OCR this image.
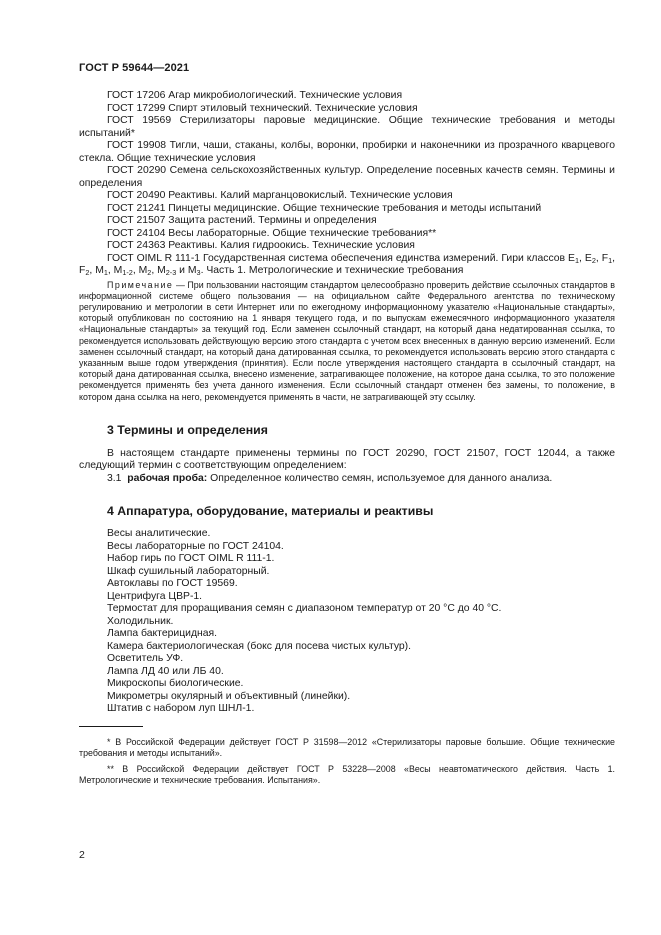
ГОСТ Р 59644—2021

ГОСТ 17206 Агар микробиологический. Технические условия

ГОСТ 17299 Спирт этиловый технический. Технические условия

ГОСТ 19569 Стерилизаторы паровые медицинские. Общие технические требования и методы испытаний*

ГОСТ 19908 Тигли, чаши, стаканы, колбы, воронки, пробирки и наконечники из прозрачного кварцевого стекла. Общие технические условия

ГОСТ 20290 Семена сельскохозяйственных культур. Определение посевных качеств семян. Термины и определения

ГОСТ 20490 Реактивы. Калий марганцовокислый. Технические условия

ГОСТ 21241 Пинцеты медицинские. Общие технические требования и методы испытаний

ГОСТ 21507 Защита растений. Термины и определения

ГОСТ 24104 Весы лабораторные. Общие технические требования**

ГОСТ 24363 Реактивы. Калия гидроокись. Технические условия

ГОСТ OIML R 111-1 Государственная система обеспечения единства измерений. Гири классов $E_1$, $E_2$, $F_1$, $F_2$, $M_1$, $M_{1-2}$, $M_2$, $M_{2-3}$ и $M_3$. Часть 1. Метрологические и технические требования

Примечание — При пользовании настоящим стандартом целесообразно проверить действие ссылочных стандартов в информационной системе общего пользования — на официальном сайте Федерального агентства по техническому регулированию и метрологии в сети Интернет или по ежегодному информационному указателю «Национальные стандарты», который опубликован по состоянию на 1 января текущего года, и по выпускам ежемесячного информационного указателя «Национальные стандарты» за текущий год. Если заменен ссылочный стандарт, на который дана недатированная ссылка, то рекомендуется использовать действующую версию этого стандарта с учетом всех внесенных в данную версию изменений. Если заменен ссылочный стандарт, на который дана датированная ссылка, то рекомендуется использовать версию этого стандарта с указанным выше годом утверждения (принятия). Если после утверждения настоящего стандарта в ссылочный стандарт, на который дана датированная ссылка, внесено изменение, затрагивающее положение, на которое дана ссылка, то это положение рекомендуется применять без учета данного изменения. Если ссылочный стандарт отменен без замены, то положение, в котором дана ссылка на него, рекомендуется применять в части, не затрагивающей эту ссылку.

3 Термины и определения

В настоящем стандарте применены термины по ГОСТ 20290, ГОСТ 21507, ГОСТ 12044, а также следующий термин с соответствующим определением:

3.1 рабочая проба: Определенное количество семян, используемое для данного анализа.

4 Аппаратура, оборудование, материалы и реактивы

Весы аналитические.

Весы лабораторные по ГОСТ 24104.

Набор гирь по ГОСТ OIML R 111-1.

Шкаф сушильный лабораторный.

Автоклавы по ГОСТ 19569.

Центрифуга ЦВР-1.

Термостат для проращивания семян с диапазоном температур от 20 °С до 40 °С.

Холодильник.

Лампа бактерицидная.

Камера бактериологическая (бокс для посева чистых культур).

Осветитель УФ.

Лампа ЛД 40 или ЛБ 40.

Микроскопы биологические.

Микрометры окулярный и объективный (линейки).

Штатив с набором луп ШНЛ-1.

* В Российской Федерации действует ГОСТ Р 31598—2012 «Стерилизаторы паровые большие. Общие технические требования и методы испытаний».

** В Российской Федерации действует ГОСТ Р 53228—2008 «Весы неавтоматического действия. Часть 1. Метрологические и технические требования. Испытания».

2
